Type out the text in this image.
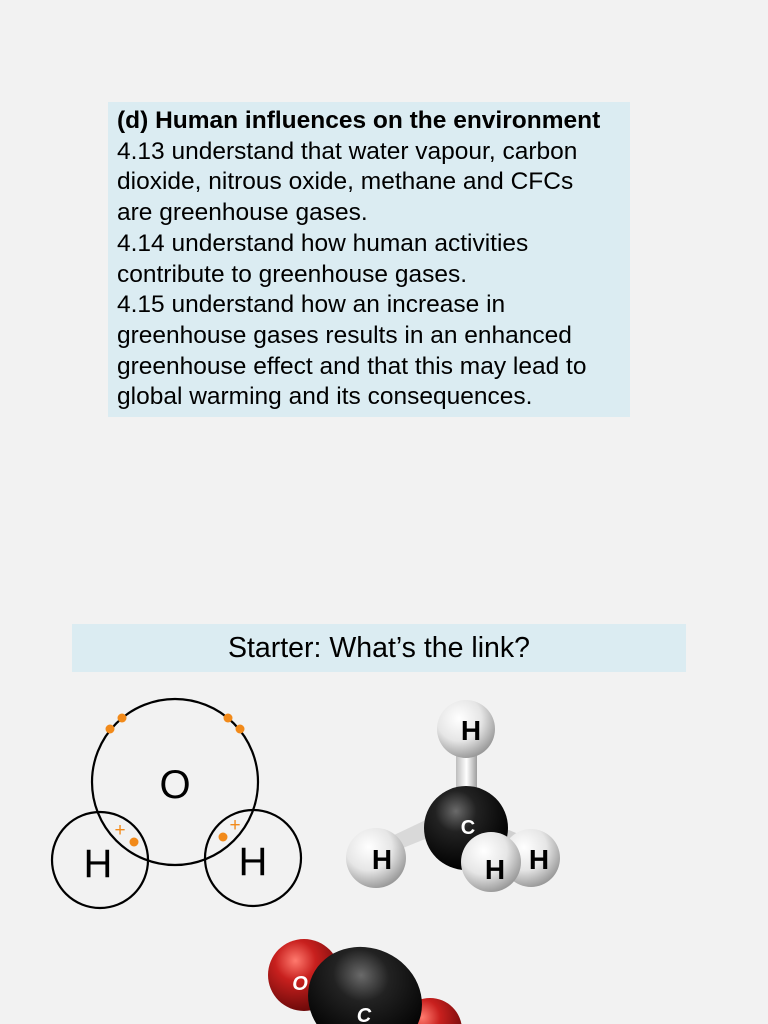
(d) Human influences on the environment
4.13 understand that water vapour, carbon
dioxide, nitrous oxide, methane and CFCs
are greenhouse gases.
4.14 understand how human activities
contribute to greenhouse gases.
4.15 understand how an increase in
greenhouse gases results in an enhanced
greenhouse effect and that this may lead to
global warming and its consequences.
Starter: What’s the link?
O
H	H
+	+
H
C
H	H
H
O
C
